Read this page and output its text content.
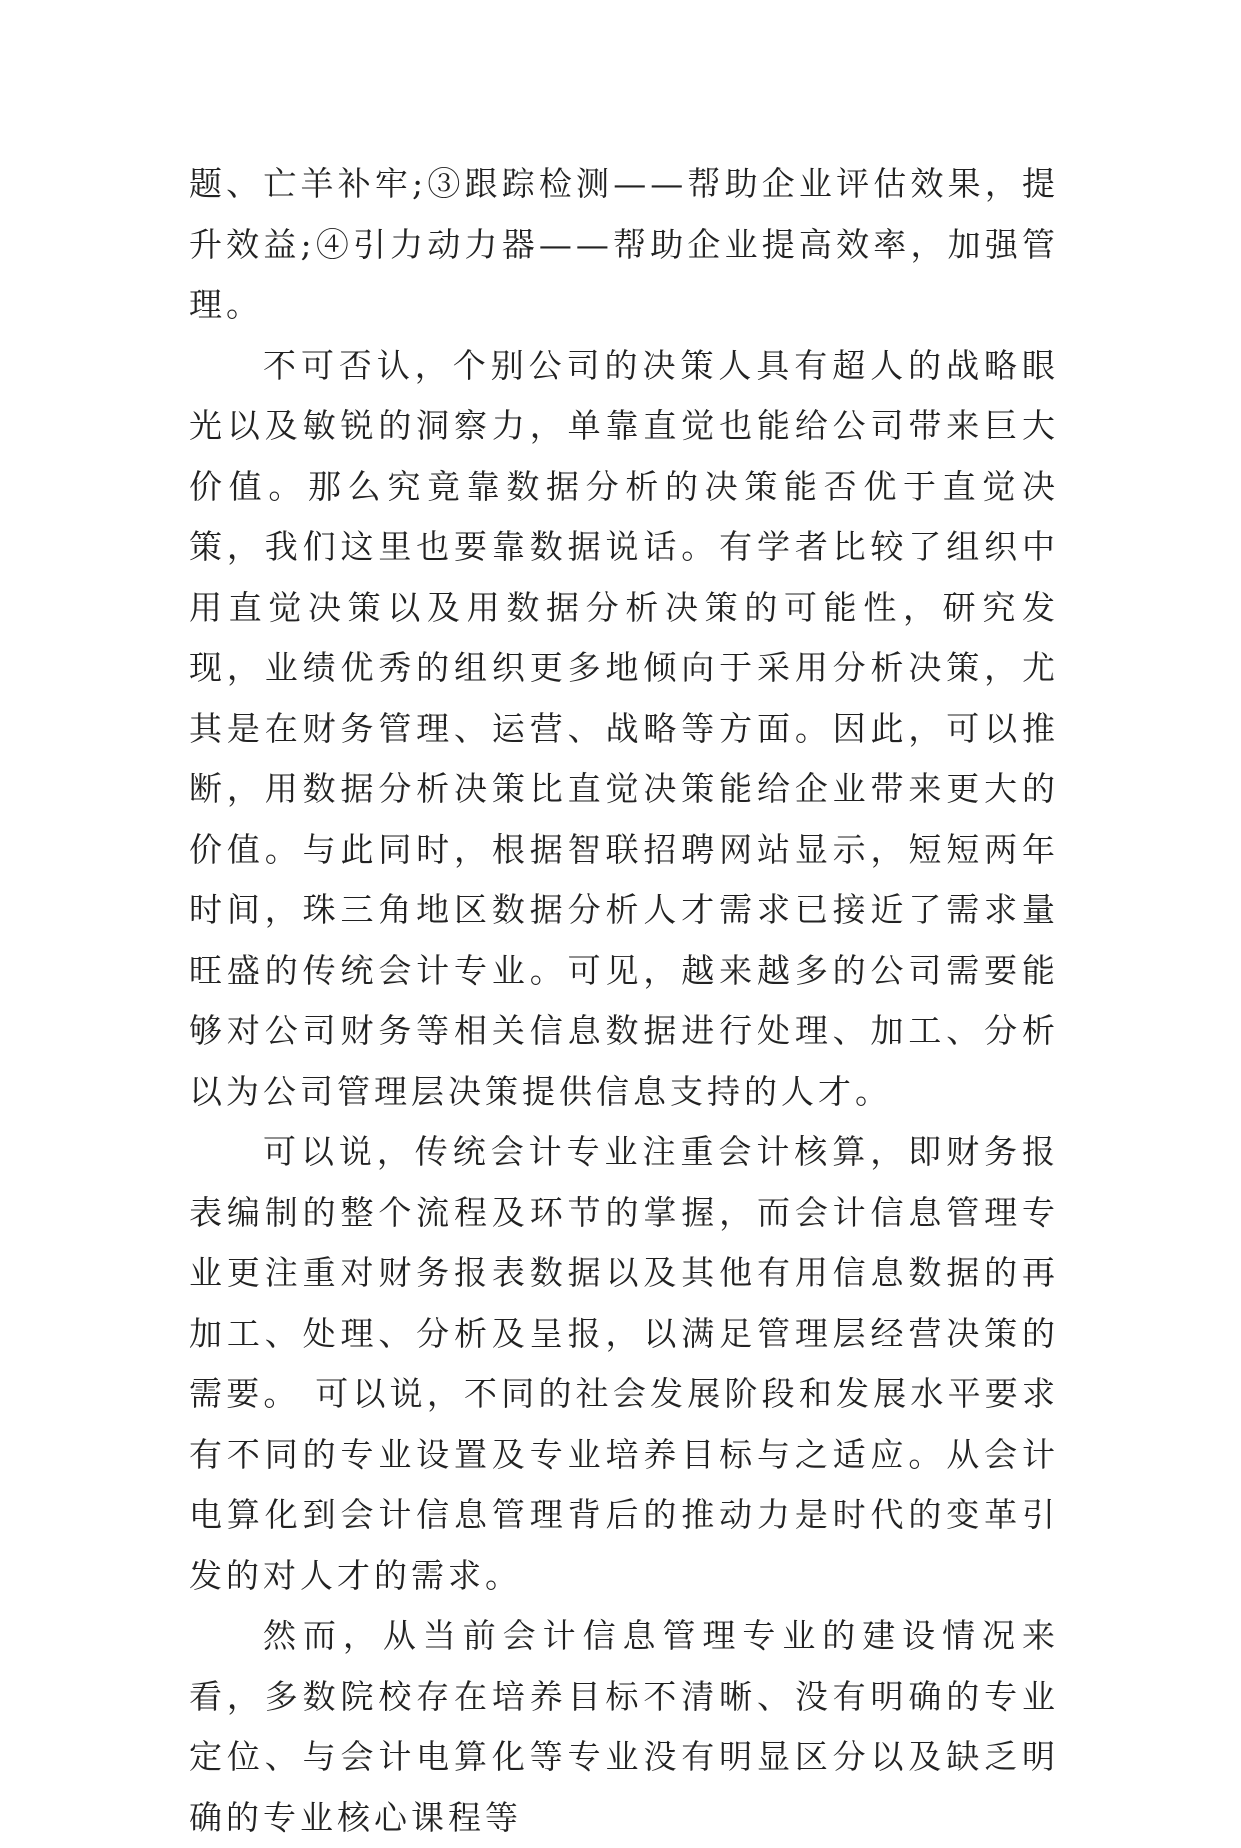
题、亡羊补牢;③跟踪检测——帮助企业评估效果，提升效益;④引力动力器——帮助企业提高效率，加强管理。

不可否认，个别公司的决策人具有超人的战略眼光以及敏锐的洞察力，单靠直觉也能给公司带来巨大价值。那么究竟靠数据分析的决策能否优于直觉决策，我们这里也要靠数据说话。有学者比较了组织中用直觉决策以及用数据分析决策的可能性，研究发现，业绩优秀的组织更多地倾向于采用分析决策，尤其是在财务管理、运营、战略等方面。因此，可以推断，用数据分析决策比直觉决策能给企业带来更大的价值。与此同时，根据智联招聘网站显示，短短两年时间，珠三角地区数据分析人才需求已接近了需求量旺盛的传统会计专业。可见，越来越多的公司需要能够对公司财务等相关信息数据进行处理、加工、分析以为公司管理层决策提供信息支持的人才。

可以说，传统会计专业注重会计核算，即财务报表编制的整个流程及环节的掌握，而会计信息管理专业更注重对财务报表数据以及其他有用信息数据的再加工、处理、分析及呈报，以满足管理层经营决策的需要。 可以说，不同的社会发展阶段和发展水平要求有不同的专业设置及专业培养目标与之适应。从会计电算化到会计信息管理背后的推动力是时代的变革引发的对人才的需求。

然而，从当前会计信息管理专业的建设情况来看，多数院校存在培养目标不清晰、没有明确的专业定位、与会计电算化等专业没有明显区分以及缺乏明确的专业核心课程等
